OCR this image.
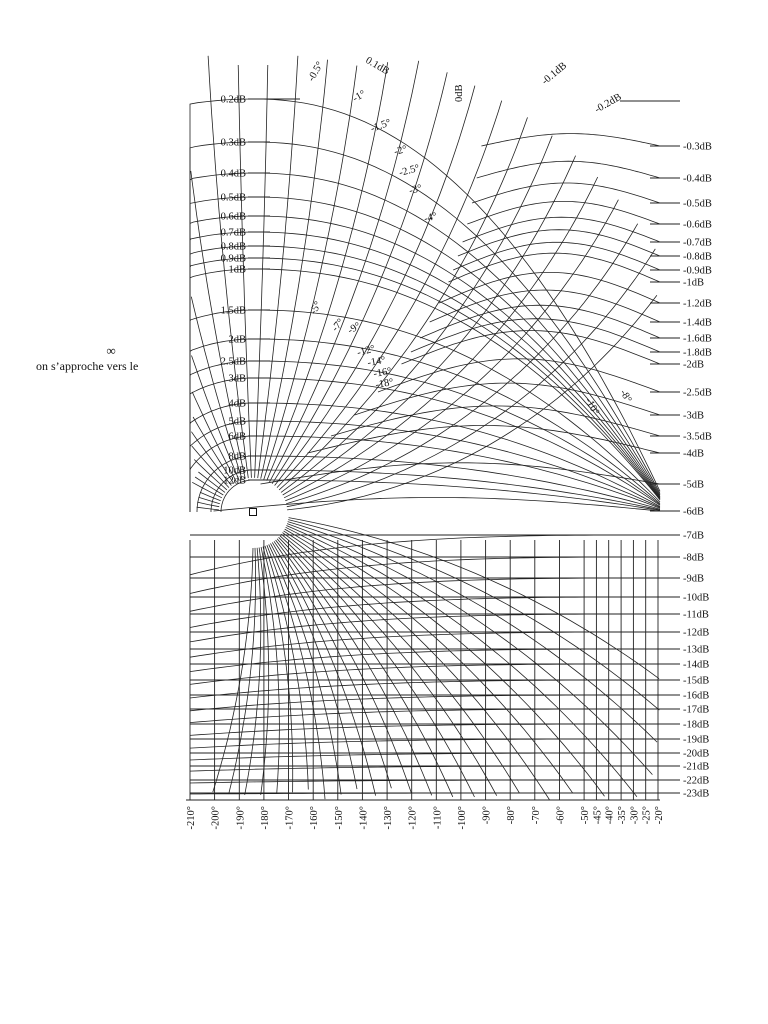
∞
on s’approche vers le
-210° -200° -190° -180° -170° -160° -150° -140° -130° -120° -110° -100° -90° -80° -70° -60° -50° -45° -40° -35° -30° -25° -20°
0.2dB
0.3dB
0.4dB
0.5dB
0.6dB
0.7dB
0.8dB
0.9dB
1dB
1.5dB
2dB
2.5dB
3dB
4dB
5dB
6dB
8dB
10dB
12dB
-0.3dB
-0.4dB
-0.5dB
-0.6dB
-0.7dB
-0.8dB
-0.9dB
-1dB
-1.2dB
-1.4dB
-1.6dB
-1.8dB
-2dB
-2.5dB
-3dB
-3.5dB
-4dB
-5dB
-6dB
-7dB
-8dB
-9dB
-10dB
-11dB
-12dB
-13dB
-14dB
-15dB
-16dB
-17dB
-18dB
-19dB
-20dB
-21dB
-22dB
-23dB
-0.5°	0.1dB
-1°	0dB
-0.1dB
-0.2dB
-1.5°
-2°
-2.5°
-3°
-4°
-5°
-7° -9°
-12°
-14°
-16°
-18°
-10° -8°
